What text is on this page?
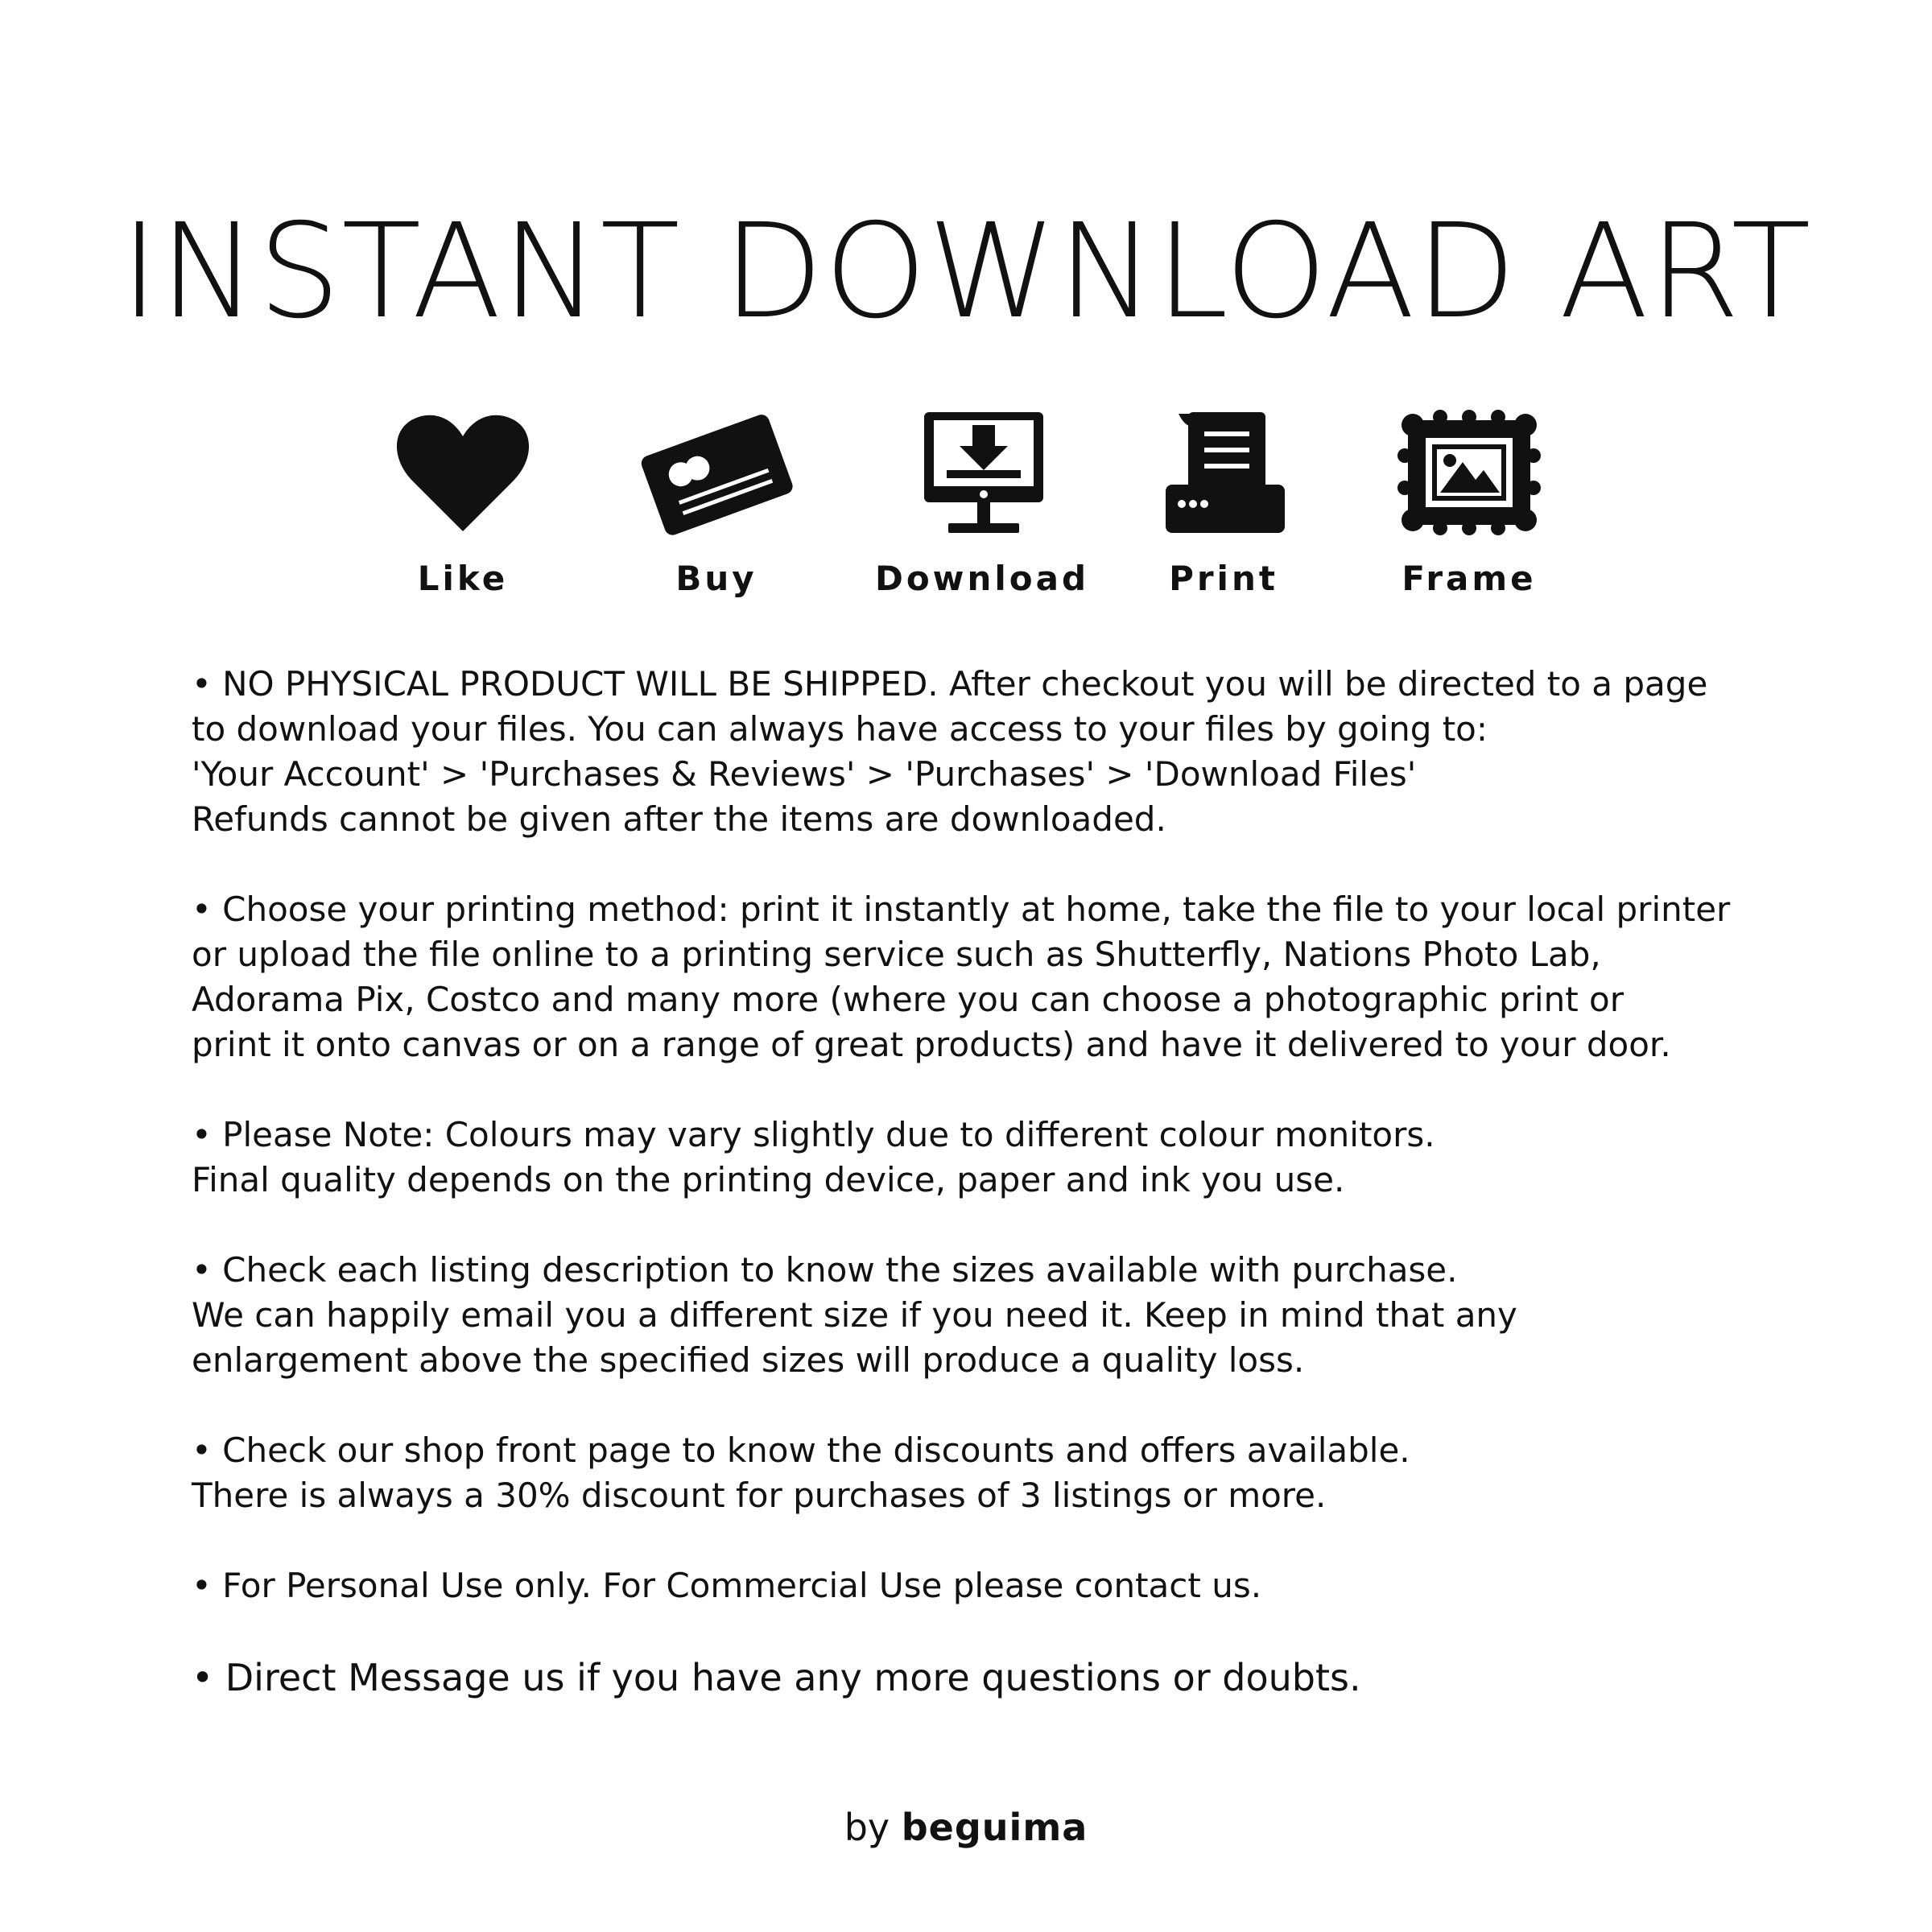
INSTANT DOWNLOAD ART
Like	Buy	Download	Print	Frame
• NO PHYSICAL PRODUCT WILL BE SHIPPED. After checkout you will be directed to a page
to download your files. You can always have access to your files by going to:
'Your Account' > 'Purchases & Reviews' > 'Purchases' > 'Download Files'
Refunds cannot be given after the items are downloaded.
• Choose your printing method: print it instantly at home, take the file to your local printer
or upload the file online to a printing service such as Shutterfly, Nations Photo Lab,
Adorama Pix, Costco and many more (where you can choose a photographic print or
print it onto canvas or on a range of great products) and have it delivered to your door.
• Please Note: Colours may vary slightly due to different colour monitors.
Final quality depends on the printing device, paper and ink you use.
• Check each listing description to know the sizes available with purchase.
We can happily email you a different size if you need it. Keep in mind that any
enlargement above the specified sizes will produce a quality loss.
• Check our shop front page to know the discounts and offers available.
There is always a 30% discount for purchases of 3 listings or more.
• For Personal Use only. For Commercial Use please contact us.
• Direct Message us if you have any more questions or doubts.
by beguima
